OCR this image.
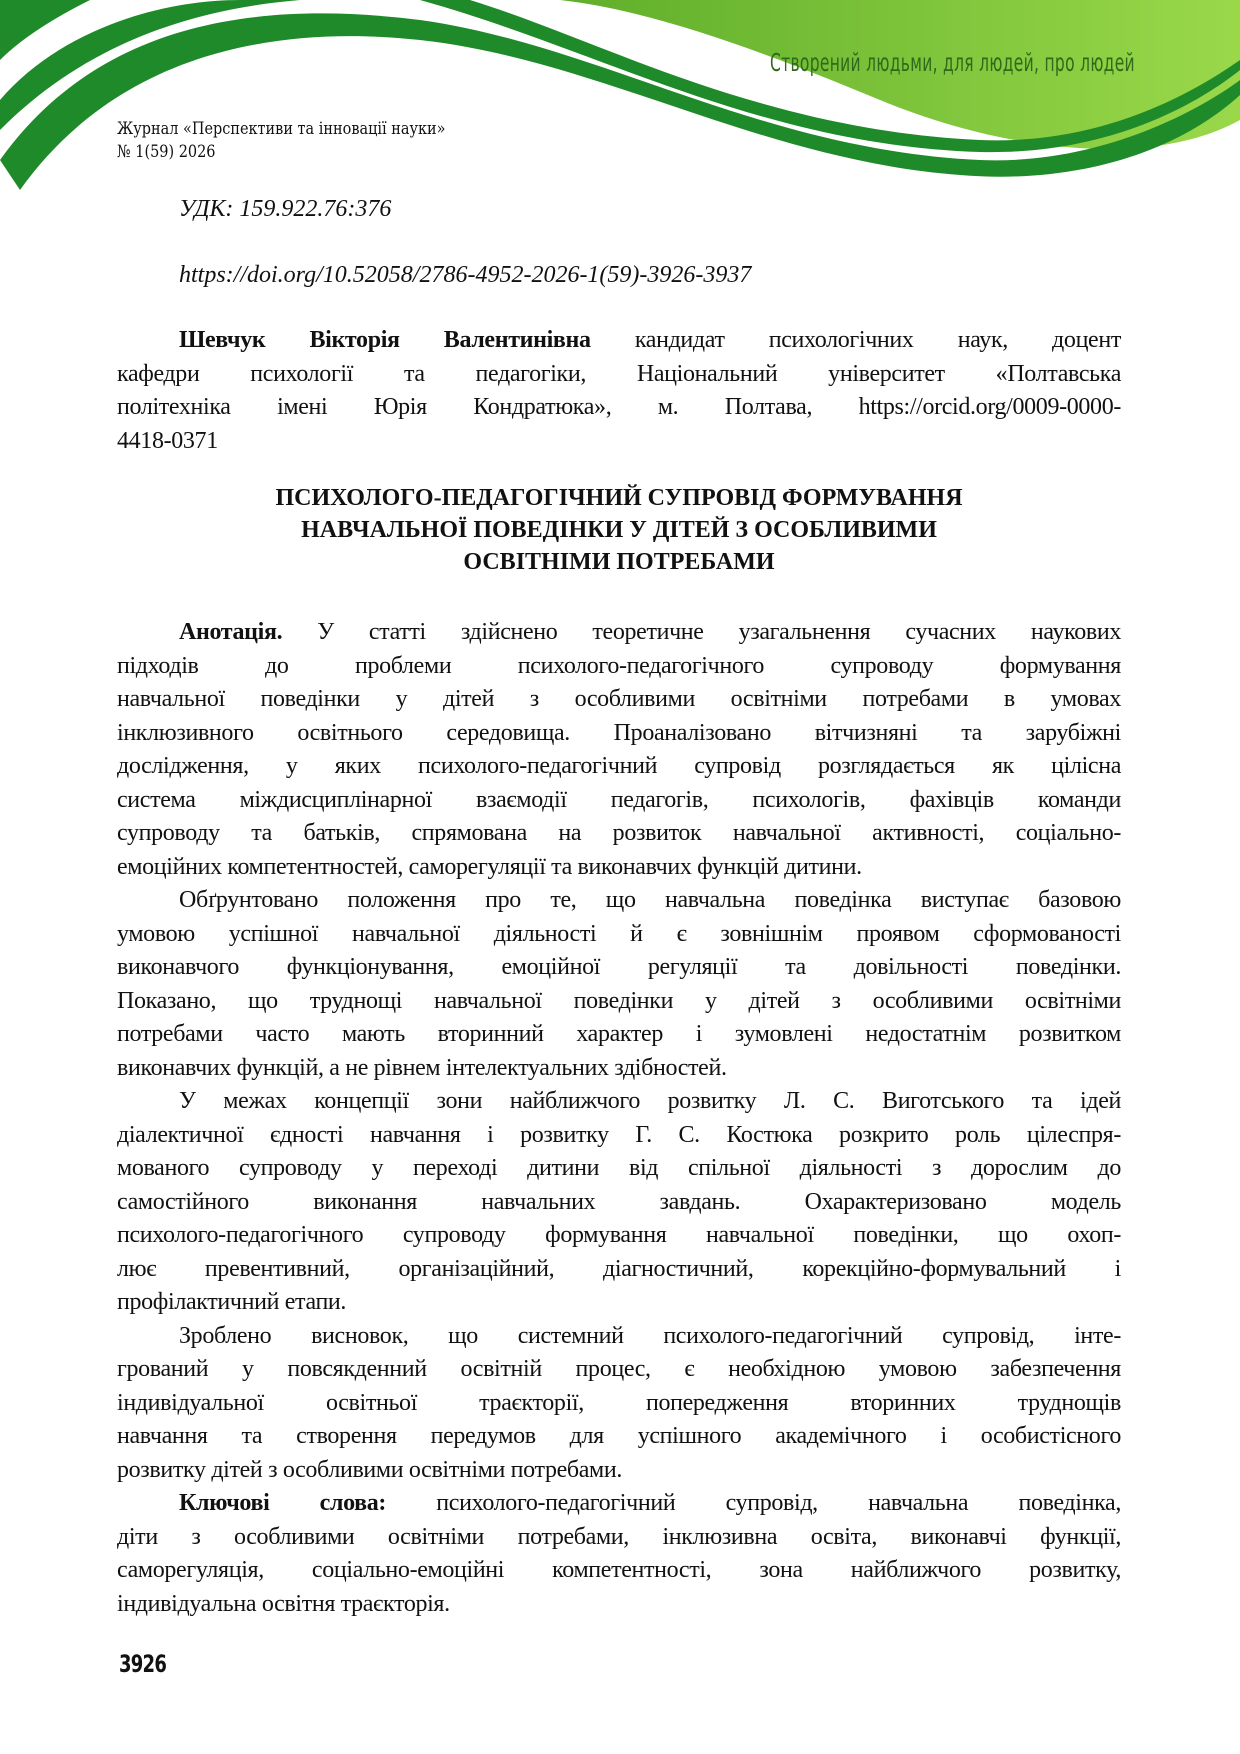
Створений людьми, для людей, про людей
Журнал «Перспективи та інновації науки»
№ 1(59) 2026
УДК: 159.922.76:376
https://doi.org/10.52058/2786-4952-2026-1(59)-3926-3937
Шевчук Вікторія Валентинівна кандидат психологічних наук, доцент
кафедри психології та педагогіки, Національний університет «Полтавська
політехніка імені Юрія Кондратюка», м. Полтава, https://orcid.org/0009-0000-
4418-0371
ПСИХОЛОГО-ПЕДАГОГІЧНИЙ СУПРОВІД ФОРМУВАННЯ
НАВЧАЛЬНОЇ ПОВЕДІНКИ У ДІТЕЙ З ОСОБЛИВИМИ
ОСВІТНІМИ ПОТРЕБАМИ
Анотація. У статті здійснено теоретичне узагальнення сучасних наукових
підходів до проблеми психолого-педагогічного супроводу формування
навчальної поведінки у дітей з особливими освітніми потребами в умовах
інклюзивного освітнього середовища. Проаналізовано вітчизняні та зарубіжні
дослідження, у яких психолого-педагогічний супровід розглядається як цілісна
система міждисциплінарної взаємодії педагогів, психологів, фахівців команди
супроводу та батьків, спрямована на розвиток навчальної активності, соціально-
емоційних компетентностей, саморегуляції та виконавчих функцій дитини.
Обґрунтовано положення про те, що навчальна поведінка виступає базовою
умовою успішної навчальної діяльності й є зовнішнім проявом сформованості
виконавчого функціонування, емоційної регуляції та довільності поведінки.
Показано, що труднощі навчальної поведінки у дітей з особливими освітніми
потребами часто мають вторинний характер і зумовлені недостатнім розвитком
виконавчих функцій, а не рівнем інтелектуальних здібностей.
У межах концепції зони найближчого розвитку Л. С. Виготського та ідей
діалектичної єдності навчання і розвитку Г. С. Костюка розкрито роль цілеспря-
мованого супроводу у переході дитини від спільної діяльності з дорослим до
самостійного виконання навчальних завдань. Охарактеризовано модель
психолого-педагогічного супроводу формування навчальної поведінки, що охоп-
лює превентивний, організаційний, діагностичний, корекційно-формувальний і
профілактичний етапи.
Зроблено висновок, що системний психолого-педагогічний супровід, інте-
грований у повсякденний освітній процес, є необхідною умовою забезпечення
індивідуальної освітньої траєкторії, попередження вторинних труднощів
навчання та створення передумов для успішного академічного і особистісного
розвитку дітей з особливими освітніми потребами.
Ключові слова: психолого-педагогічний супровід, навчальна поведінка,
діти з особливими освітніми потребами, інклюзивна освіта, виконавчі функції,
саморегуляція, соціально-емоційні компетентності, зона найближчого розвитку,
індивідуальна освітня траєкторія.
3926
